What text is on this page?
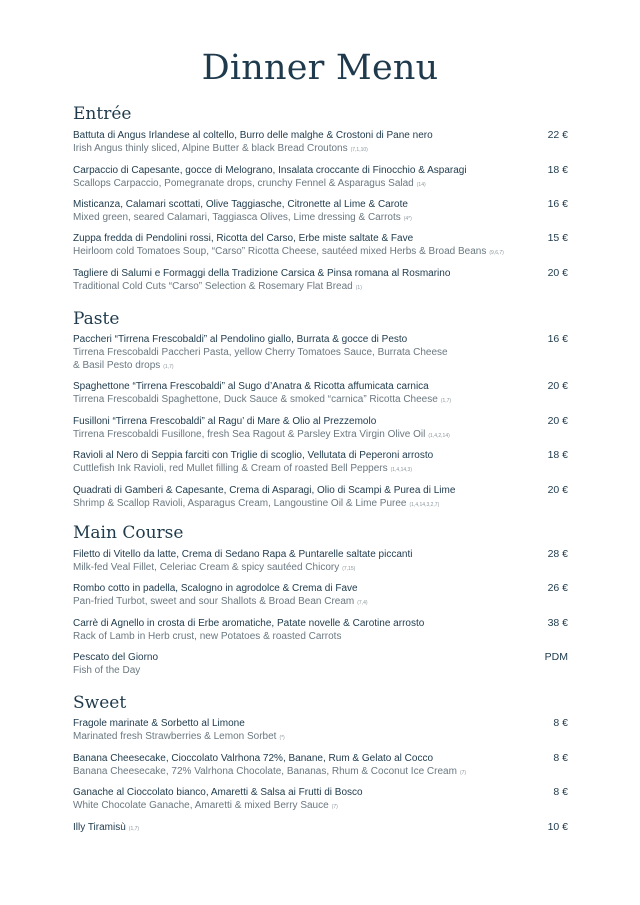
Dinner Menu
Entrée
Battuta di Angus Irlandese al coltello, Burro delle malghe & Crostoni di Pane nero
Irish Angus thinly sliced, Alpine Butter & black Bread Croutons (7,1,10)
22 €
Carpaccio di Capesante, gocce di Melograno, Insalata croccante di Finocchio & Asparagi
Scallops Carpaccio, Pomegranate drops, crunchy Fennel & Asparagus Salad (14)
18 €
Misticanza, Calamari scottati, Olive Taggiasche, Citronette al Lime & Carote
Mixed green, seared Calamari, Taggiasca Olives, Lime dressing & Carrots (4*)
16 €
Zuppa fredda di Pendolini rossi, Ricotta del Carso, Erbe miste saltate & Fave
Heirloom cold Tomatoes Soup, “Carso” Ricotta Cheese, sautéed mixed Herbs & Broad Beans (9,6,7)
15 €
Tagliere di Salumi e Formaggi della Tradizione Carsica & Pinsa romana al Rosmarino
Traditional Cold Cuts “Carso” Selection & Rosemary Flat Bread (1)
20 €
Paste
Paccheri “Tirrena Frescobaldi” al Pendolino giallo, Burrata & gocce di Pesto
Tirrena Frescobaldi Paccheri Pasta, yellow Cherry Tomatoes Sauce, Burrata Cheese
& Basil Pesto drops (1,7)
16 €
Spaghettone “Tirrena Frescobaldi” al Sugo d’Anatra & Ricotta affumicata carnica
Tirrena Frescobaldi Spaghettone, Duck Sauce & smoked “carnica” Ricotta Cheese (1,7)
20 €
Fusilloni “Tirrena Frescobaldi” al Ragu’ di Mare & Olio al Prezzemolo
Tirrena Frescobaldi Fusillone, fresh Sea Ragout & Parsley Extra Virgin Olive Oil (1,4,2,14)
20 €
Ravioli al Nero di Seppia farciti con Triglie di scoglio, Vellutata di Peperoni arrosto
Cuttlefish Ink Ravioli, red Mullet filling & Cream of roasted Bell Peppers (1,4,14,3)
18 €
Quadrati di Gamberi & Capesante, Crema di Asparagi, Olio di Scampi & Purea di Lime
Shrimp & Scallop Ravioli, Asparagus Cream, Langoustine Oil & Lime Puree (1,4,14,3,2,7)
20 €
Main Course
Filetto di Vitello da latte, Crema di Sedano Rapa & Puntarelle saltate piccanti
Milk-fed Veal Fillet, Celeriac Cream & spicy sautéed Chicory (7,15)
28 €
Rombo cotto in padella, Scalogno in agrodolce & Crema di Fave
Pan-fried Turbot, sweet and sour Shallots & Broad Bean Cream (7,4)
26 €
Carrè di Agnello in crosta di Erbe aromatiche, Patate novelle & Carotine arrosto
Rack of Lamb in Herb crust, new Potatoes & roasted Carrots
38 €
Pescato del Giorno
Fish of the Day
PDM
Sweet
Fragole marinate & Sorbetto al Limone
Marinated fresh Strawberries & Lemon Sorbet (*)
8 €
Banana Cheesecake, Cioccolato Valrhona 72%, Banane, Rum & Gelato al Cocco
Banana Cheesecake, 72% Valrhona Chocolate, Bananas, Rhum & Coconut Ice Cream (7)
8 €
Ganache al Cioccolato bianco, Amaretti & Salsa ai Frutti di Bosco
White Chocolate Ganache, Amaretti & mixed Berry Sauce (7)
8 €
Illy Tiramisù (1,7)	10 €
